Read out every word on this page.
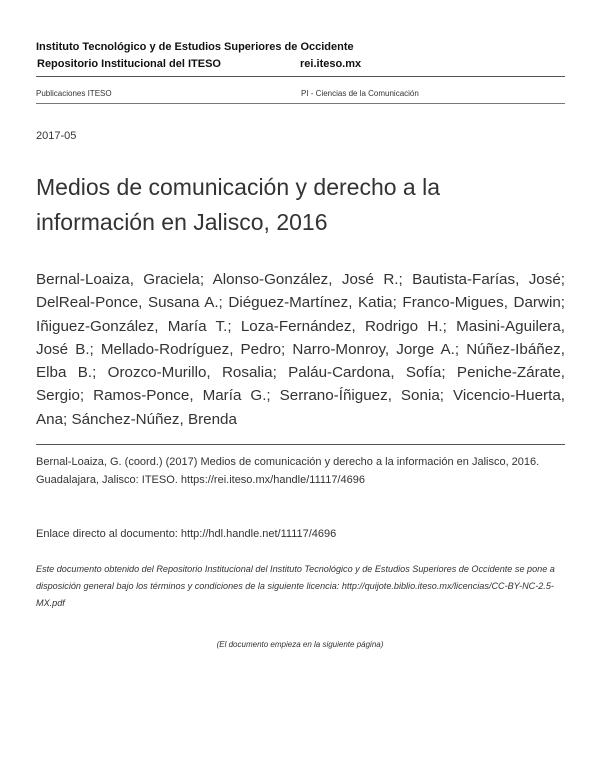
Instituto Tecnológico y de Estudios Superiores de Occidente
Repositorio Institucional del ITESO	rei.iteso.mx
Publicaciones ITESO	PI - Ciencias de la Comunicación
2017-05
Medios de comunicación y derecho a la información en Jalisco, 2016
Bernal-Loaiza, Graciela; Alonso-González, José R.; Bautista-Farías, José; DelReal-Ponce, Susana A.; Diéguez-Martínez, Katia; Franco-Migues, Darwin; Iñiguez-González, María T.; Loza-Fernández, Rodrigo H.; Masini-Aguilera, José B.; Mellado-Rodríguez, Pedro; Narro-Monroy, Jorge A.; Núñez-Ibáñez, Elba B.; Orozco-Murillo, Rosalia; Paláu-Cardona, Sofía; Peniche-Zárate, Sergio; Ramos-Ponce, María G.; Serrano-Íñiguez, Sonia; Vicencio-Huerta, Ana; Sánchez-Núñez, Brenda
Bernal-Loaiza, G. (coord.) (2017) Medios de comunicación y derecho a la información en Jalisco, 2016. Guadalajara, Jalisco: ITESO. https://rei.iteso.mx/handle/11117/4696
Enlace directo al documento: http://hdl.handle.net/11117/4696
Este documento obtenido del Repositorio Institucional del Instituto Tecnológico y de Estudios Superiores de Occidente se pone a disposición general bajo los términos y condiciones de la siguiente licencia: http://quijote.biblio.iteso.mx/licencias/CC-BY-NC-2.5-MX.pdf
(El documento empieza en la siguiente página)
